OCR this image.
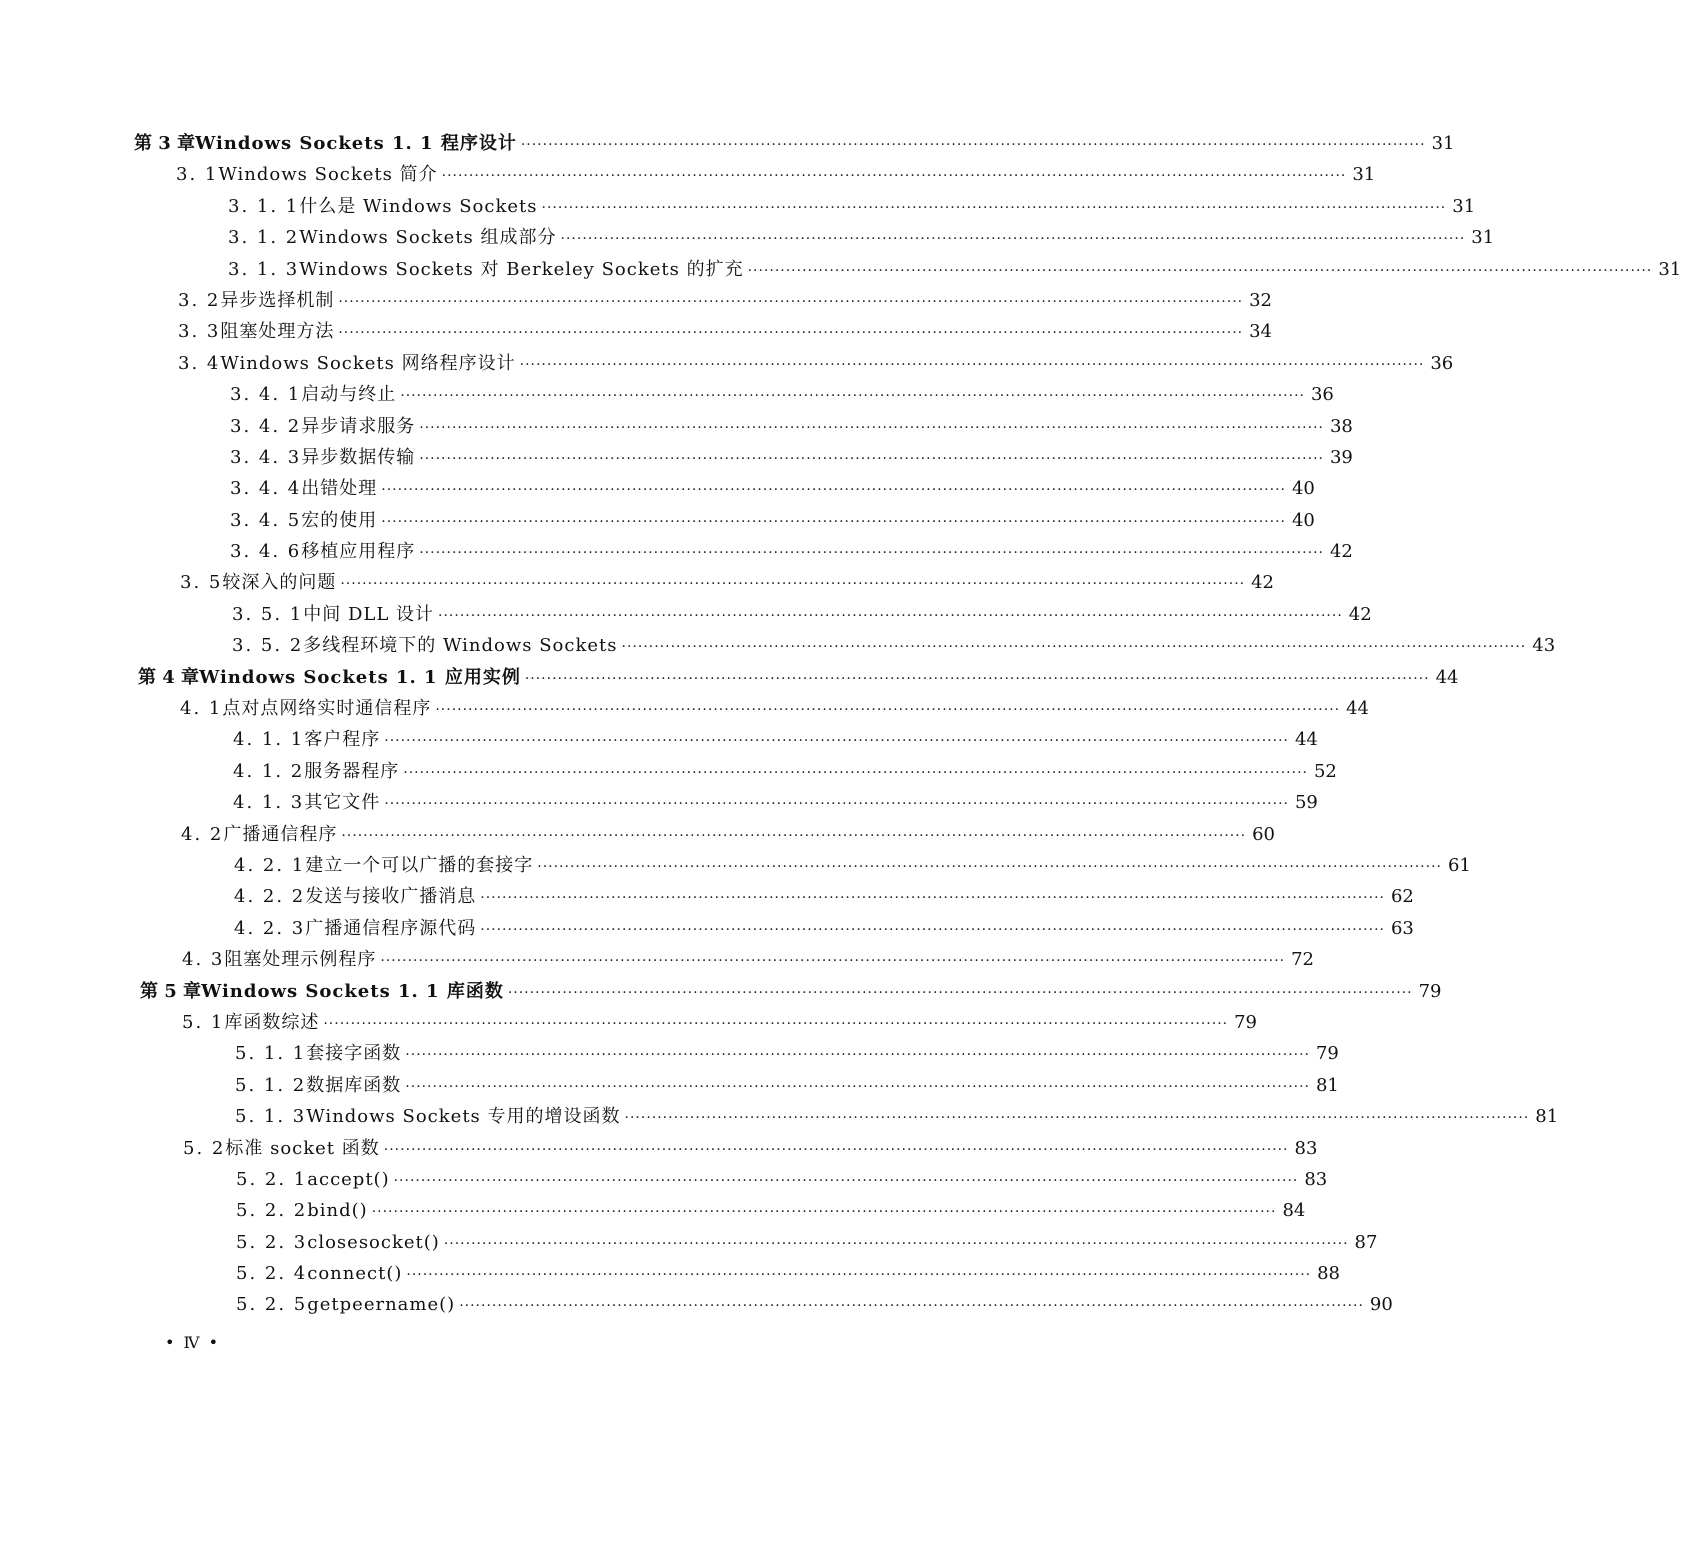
第 3 章 Windows Sockets 1. 1 程序设计 ·····	31
3. 1 Windows Sockets 简介 ·····	31
3. 1. 1 什么是 Windows Sockets ·····	31
3. 1. 2 Windows Sockets 组成部分 ·····	31
3. 1. 3 Windows Sockets 对 Berkeley Sockets 的扩充 ·····	31
3. 2 异步选择机制 ·····	32
3. 3 阻塞处理方法 ·····	34
3. 4 Windows Sockets 网络程序设计 ·····	36
3. 4. 1 启动与终止 ·····	36
3. 4. 2 异步请求服务 ·····	38
3. 4. 3 异步数据传输 ·····	39
3. 4. 4 出错处理 ·····	40
3. 4. 5 宏的使用 ·····	40
3. 4. 6 移植应用程序 ·····	42
3. 5 较深入的问题 ·····	42
3. 5. 1 中间 DLL 设计 ·····	42
3. 5. 2 多线程环境下的 Windows Sockets ·····	43
第 4 章 Windows Sockets 1. 1 应用实例 ·····	44
4. 1 点对点网络实时通信程序 ·····	44
4. 1. 1 客户程序 ·····	44
4. 1. 2 服务器程序 ·····	52
4. 1. 3 其它文件 ·····	59
4. 2 广播通信程序 ·····	60
4. 2. 1 建立一个可以广播的套接字 ·····	61
4. 2. 2 发送与接收广播消息 ·····	62
4. 2. 3 广播通信程序源代码 ·····	63
4. 3 阻塞处理示例程序 ·····	72
第 5 章 Windows Sockets 1. 1 库函数 ·····	79
5. 1 库函数综述 ·····	79
5. 1. 1 套接字函数 ·····	79
5. 1. 2 数据库函数 ·····	81
5. 1. 3 Windows Sockets 专用的增设函数 ·····	81
5. 2 标准 socket 函数 ·····	83
5. 2. 1 accept() ·····	83
5. 2. 2 bind() ·····	84
5. 2. 3 closesocket() ·····	87
5. 2. 4 connect() ·····	88
5. 2. 5 getpeername() ·····	90
• Ⅳ •
